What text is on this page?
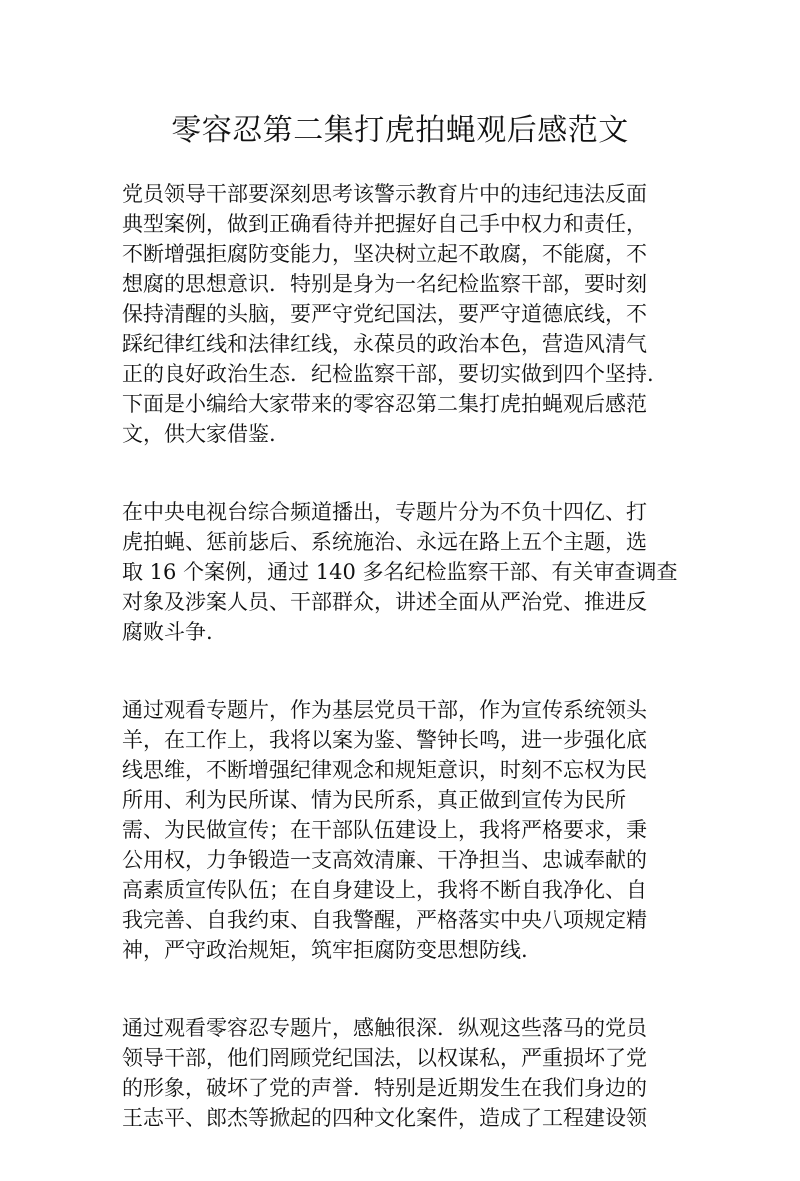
零容忍第二集打虎拍蝇观后感范文

党员领导干部要深刻思考该警示教育片中的违纪违法反面
典型案例，做到正确看待并把握好自己手中权力和责任，
不断增强拒腐防变能力，坚决树立起不敢腐，不能腐，不
想腐的思想意识．特别是身为一名纪检监察干部，要时刻
保持清醒的头脑，要严守党纪国法，要严守道德底线，不
踩纪律红线和法律红线，永葆员的政治本色，营造风清气
正的良好政治生态．纪检监察干部，要切实做到四个坚持.
下面是小编给大家带来的零容忍第二集打虎拍蝇观后感范
文，供大家借鉴.

在中央电视台综合频道播出，专题片分为不负十四亿、打
虎拍蝇、惩前毖后、系统施治、永远在路上五个主题，选
取 16 个案例，通过 140 多名纪检监察干部、有关审查调查
对象及涉案人员、干部群众，讲述全面从严治党、推进反
腐败斗争.

通过观看专题片，作为基层党员干部，作为宣传系统领头
羊，在工作上，我将以案为鉴、警钟长鸣，进一步强化底
线思维，不断增强纪律观念和规矩意识，时刻不忘权为民
所用、利为民所谋、情为民所系，真正做到宣传为民所
需、为民做宣传；在干部队伍建设上，我将严格要求，秉
公用权，力争锻造一支高效清廉、干净担当、忠诚奉献的
高素质宣传队伍；在自身建设上，我将不断自我净化、自
我完善、自我约束、自我警醒，严格落实中央八项规定精
神，严守政治规矩，筑牢拒腐防变思想防线.

通过观看零容忍专题片，感触很深．纵观这些落马的党员
领导干部，他们罔顾党纪国法，以权谋私，严重损坏了党
的形象，破坏了党的声誉．特别是近期发生在我们身边的
王志平、郎杰等掀起的四种文化案件，造成了工程建设领
